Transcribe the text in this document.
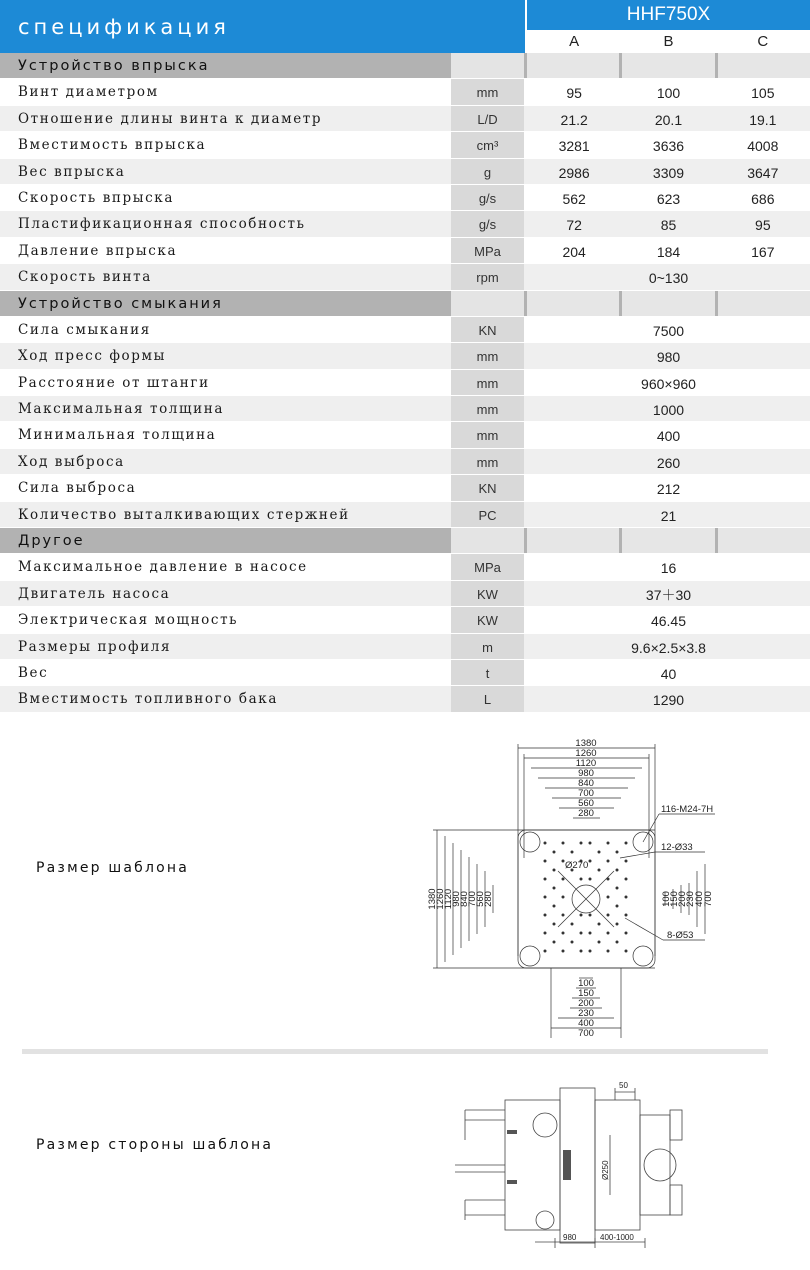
спецификация
HHF750X
A	B	C
Устройство впрыска
Винт диаметром	mm	95	100	105
Отношение длины винта к диаметр	L/D	21.2	20.1	19.1
Вместимость впрыска	cm³	3281	3636	4008
Вес впрыска	g	2986	3309	3647
Скорость впрыска	g/s	562	623	686
Пластификационная способность	g/s	72	85	95
Давление впрыска	MPa	204	184	167
Скорость винта	rpm	0~130
Устройство смыкания
Сила смыкания	KN	7500
Ход пресс формы	mm	980
Расстояние от штанги	mm	960×960
Максимальная толщина	mm	1000
Минимальная толщина	mm	400
Ход выброса	mm	260
Сила выброса	KN	212
Количество выталкивающих стержней	PC	21
Другое
Максимальное давление в насосе	MPa	16
Двигатель насоса	KW	37＋30
Электрическая мощность	KW	46.45
Размеры профиля	m	9.6×2.5×3.8
Вес	t	40
Вместимость топливного бака	L	1290
Размер шаблона
1380
1260
1120
980
840
700
560
280
100
150
200
230
400
700
1380
1260
1120
980
840
700
560
280	100
150
200
230
400
700
116-M24-7H
12-Ø33
8-Ø53
Ø270
Размер стороны шаблона
50
Ø250
980	400-1000
